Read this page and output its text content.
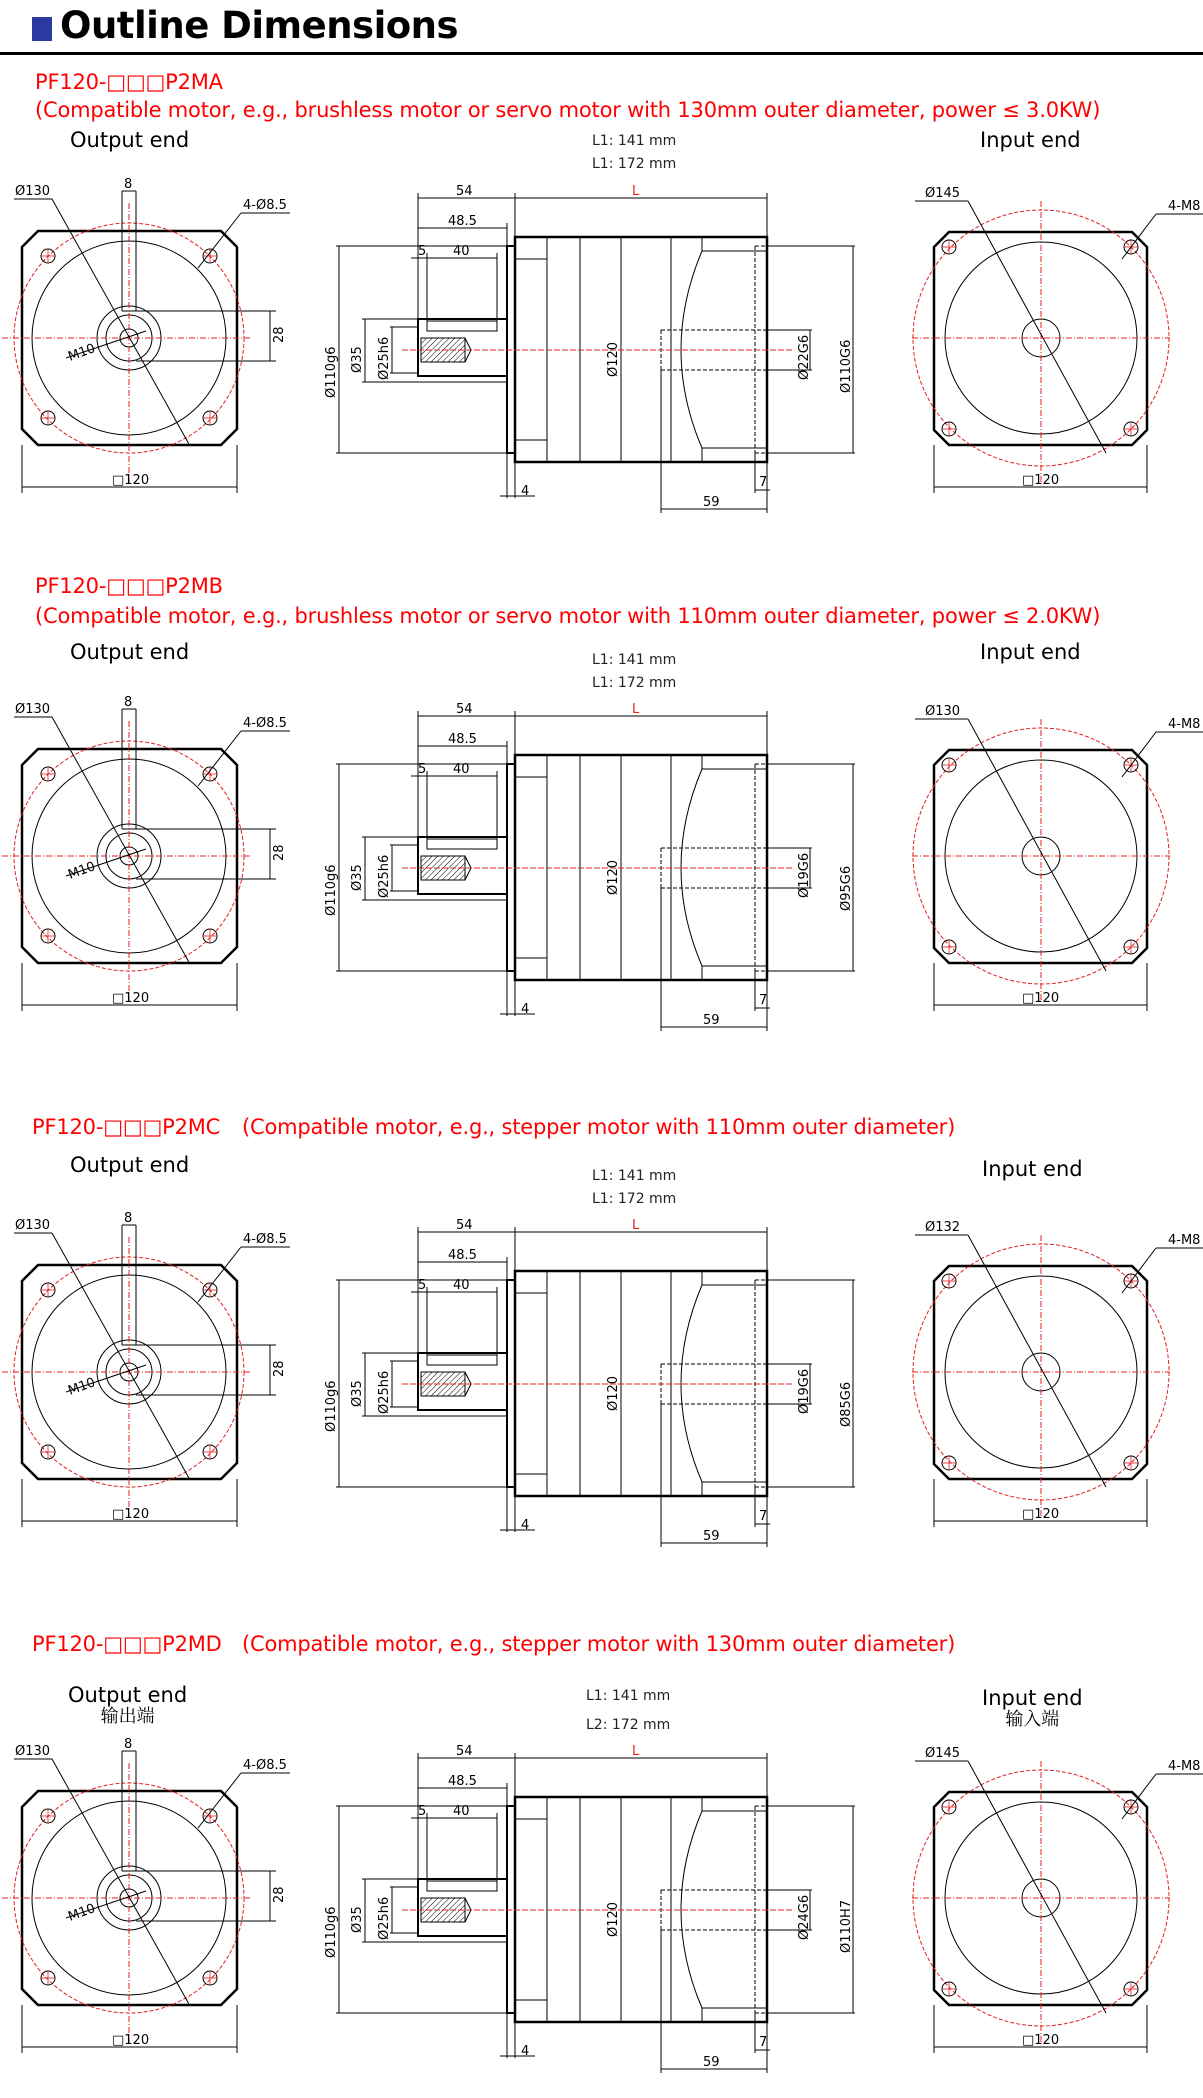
Outline Dimensions
PF120-□□□P2MA
(Compatible motor, e.g., brushless motor or servo motor with 130mm outer diameter, power ≤ 3.0KW)
Output end	Input end
L1: 141 mm
L1: 172 mm
Ø130	8
4-Ø8.5
M10
28
□120
54	L
48.5
5 40
Ø110g6 Ø35 Ø25h6	Ø120	Ø22G6 Ø110G6
4
7
59
Ø145
4-M8
□120
PF120-□□□P2MB
(Compatible motor, e.g., brushless motor or servo motor with 110mm outer diameter, power ≤ 2.0KW)
Output end	Input end
L1: 141 mm
L1: 172 mm
Ø130	8
4-Ø8.5
M10
28
□120
54	L
48.5
5 40
Ø110g6 Ø35 Ø25h6	Ø120	Ø19G6 Ø95G6
4
7
59
Ø130
4-M8
□120
PF120-□□□P2MC (Compatible motor, e.g., stepper motor with 110mm outer diameter)
Output end	Input end
L1: 141 mm
L1: 172 mm
Ø130	8
4-Ø8.5
M10
28
□120
54	L
48.5
5 40
Ø110g6 Ø35 Ø25h6	Ø120	Ø19G6 Ø85G6
4
7
59
Ø132
4-M8
□120
PF120-□□□P2MD (Compatible motor, e.g., stepper motor with 130mm outer diameter)
Output end
输出端
Input end
输入端
L1: 141 mm
L2: 172 mm
Ø130	8
4-Ø8.5
M10
28
□120
54	L
48.5
5 40
Ø110g6 Ø35 Ø25h6	Ø120	Ø24G6 Ø110H7
4
7
59
Ø145
4-M8
□120
